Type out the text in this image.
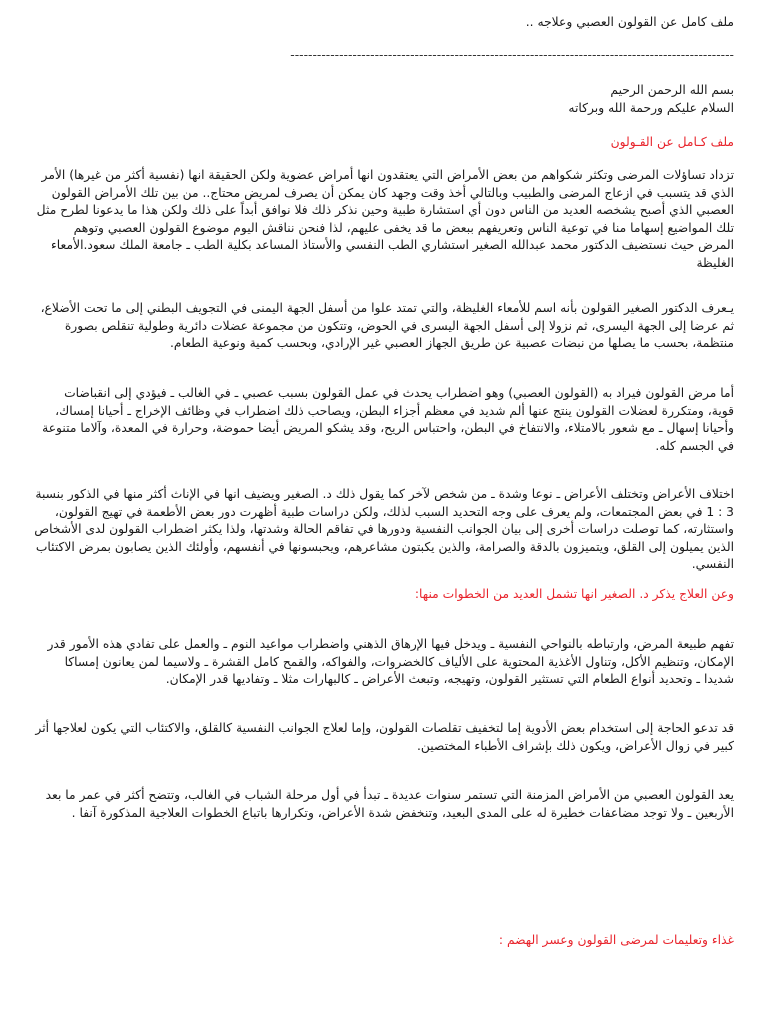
ملف كامل عن القولون العصبي وعلاجه ..

----------------------------------------------------------------------------------------------------

بسم الله الرحمن الرحيم
السلام عليكم ورحمة الله وبركاته

ملف كـامل عن القـولون

تزداد تساؤلات المرضى وتكثر شكواهم من بعض الأمراض التي يعتقدون انها أمراض عضوية ولكن الحقيقة انها (نفسية أكثر من غيرها) الأمر الذي قد يتسبب في ازعاج المرضى والطبيب وبالتالي أخذ وقت وجهد كان يمكن أن يصرف لمريض محتاج.. من بين تلك الأمراض القولون العصبي الذي أصبح يشخصه العديد من الناس دون أي استشارة طبية وحين نذكر ذلك فلا نوافق أبداً على ذلك ولكن هذا ما يدعونا لطرح مثل تلك المواضيع إسهاما منا في توعية الناس وتعريفهم ببعض ما قد يخفى عليهم، لذا فنحن نناقش اليوم موضوع القولون العصبي وتوهم المرض حيث نستضيف الدكتور محمد عبدالله الصغير استشاري الطب النفسي والأستاذ المساعد بكلية الطب ـ جامعة الملك سعود.الأمعاء الغليظة

يـعرف الدكتور الصغير القولون بأنه اسم للأمعاء الغليظة، والتي تمتد علوا من أسفل الجهة اليمنى في التجويف البطني إلى ما تحت الأضلاع، ثم عرضا إلى الجهة اليسرى، ثم نزولا إلى أسفل الجهة اليسرى في الحوض، وتتكون من مجموعة عضلات دائرية وطولية تنقلص بصورة منتظمة، بحسب ما يصلها من نبضات عصبية عن طريق الجهاز العصبي غير الإرادي، وبحسب كمية ونوعية الطعام.

أما مرض القولون فيراد به (القولون العصبي) وهو اضطراب يحدث في عمل القولون بسبب عصبي ـ في الغالب ـ فيؤدي إلى انقباضات قوية، ومتكررة لعضلات القولون ينتج عنها ألم شديد في معظم أجزاء البطن، ويصاحب ذلك اضطراب في وظائف الإخراج ـ أحيانا إمساك، وأحيانا إسهال ـ مع شعور بالامتلاء، والانتفاخ في البطن، واحتباس الريح، وقد يشكو المريض أيضا حموضة، وحرارة في المعدة، وآلاما متنوعة في الجسم كله.

اختلاف الأعراض وتختلف الأعراض ـ نوعا وشدة ـ من شخص لآخر كما يقول ذلك د. الصغير ويضيف انها في الإناث أكثر منها في الذكور بنسبة 3 : 1 في بعض المجتمعات، ولم يعرف على وجه التحديد السبب لذلك، ولكن دراسات طبية أظهرت دور بعض الأطعمة في تهيج القولون، واستثارته، كما توصلت دراسات أخرى إلى بيان الجوانب النفسية ودورها في تفاقم الحالة وشدتها، ولذا يكثر اضطراب القولون لدى الأشخاص الذين يميلون إلى القلق، ويتميزون بالدقة والصرامة، والذين يكبتون مشاعرهم، ويحبسونها في أنفسهم، وأولئك الذين يصابون بمرض الاكتئاب النفسي.

وعن العلاج يذكر د. الصغير انها تشمل العديد من الخطوات منها:

تفهم طبيعة المرض، وارتباطه بالنواحي النفسية ـ ويدخل فيها الإرهاق الذهني واضطراب مواعيد النوم ـ والعمل على تفادي هذه الأمور قدر الإمكان، وتنظيم الأكل، وتناول الأغذية المحتوية على الألياف كالخضروات، والفواكه، والقمح كامل القشرة ـ ولاسيما لمن يعانون إمساكا شديدا ـ وتحديد أنواع الطعام التي تستثير القولون، وتهيجه، وتبعث الأعراض ـ كالبهارات مثلا ـ وتفاديها قدر الإمكان.

قد تدعو الحاجة إلى استخدام بعض الأدوية إما لتخفيف تقلصات القولون، وإما لعلاج الجوانب النفسية كالقلق، والاكتئاب التي يكون لعلاجها أثر كبير في زوال الأعراض، ويكون ذلك بإشراف الأطباء المختصين.

يعد القولون العصبي من الأمراض المزمنة التي تستمر سنوات عديدة ـ تبدأ في أول مرحلة الشباب في الغالب، وتتضح أكثر في عمر ما بعد الأربعين ـ ولا توجد مضاعفات خطيرة له على المدى البعيد، وتنخفض شدة الأعراض، وتكرارها باتباع الخطوات العلاجية المذكورة آنفا .

غذاء وتعليمات لمرضى القولون وعسر الهضم :
